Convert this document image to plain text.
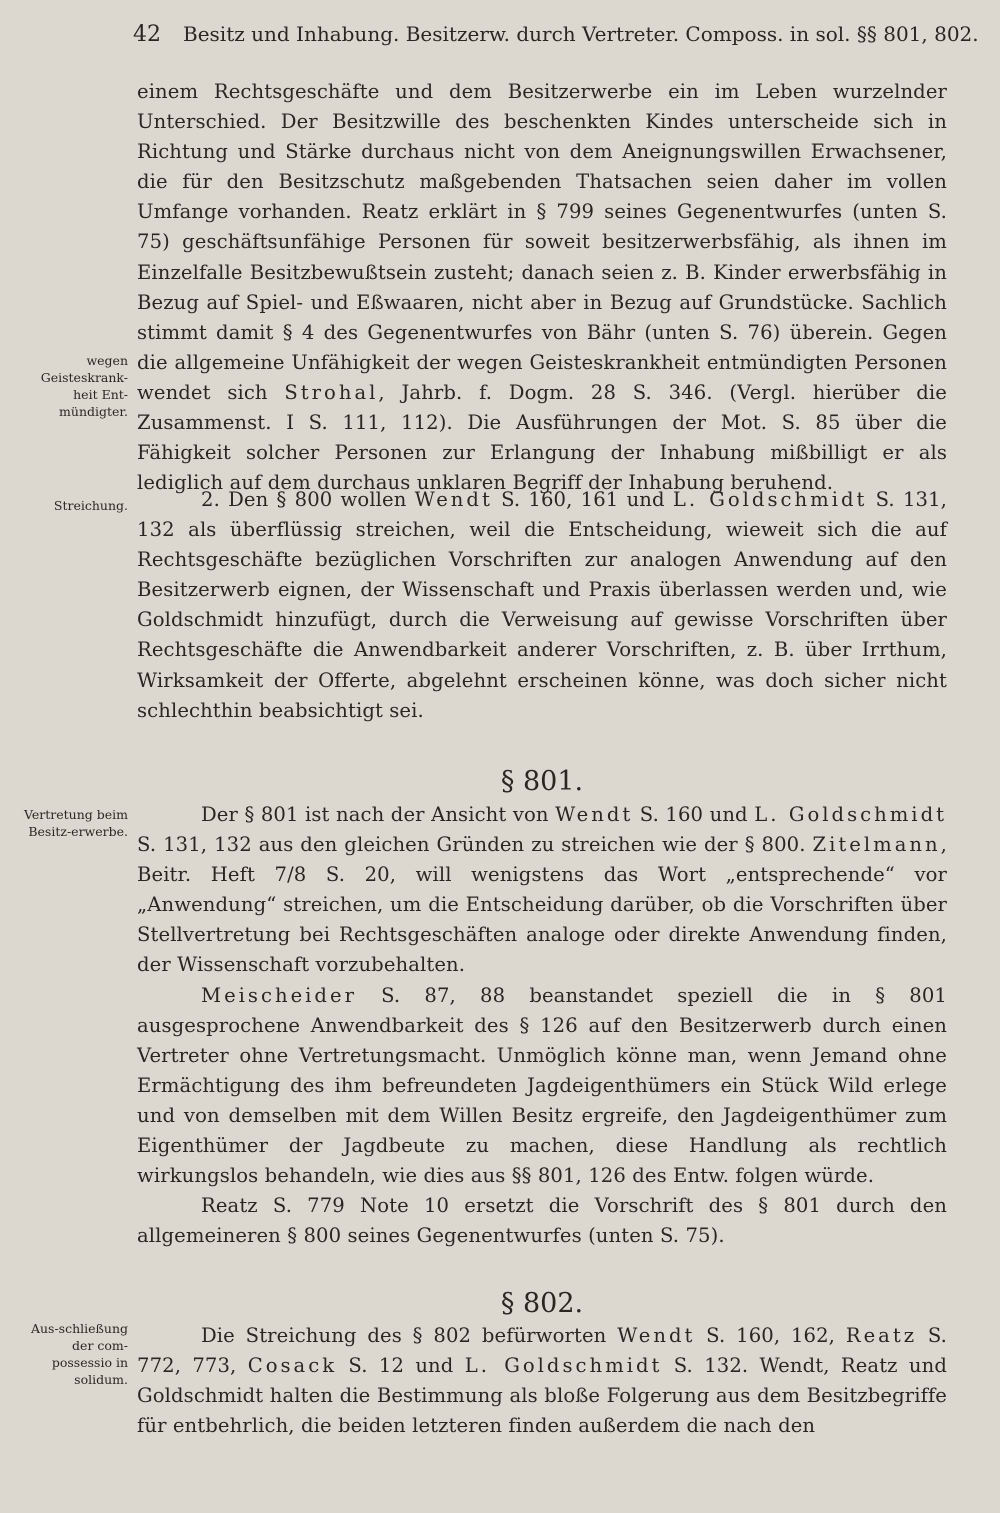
42 Besitz und Inhabung. Besitzerw. durch Vertreter. Composs. in sol. §§ 801, 802.
wegen Geisteskrank-heit Ent-mündigter.
Streichung.
Vertretung beim Besitz-erwerbe.
Aus-schließung der com-possessio in solidum.

einem Rechtsgeschäfte und dem Besitzerwerbe ein im Leben wurzelnder Unterschied. Der Besitzwille des beschenkten Kindes unterscheide sich in Richtung und Stärke durchaus nicht von dem Aneignungswillen Erwachsener, die für den Besitzschutz maßgebenden Thatsachen seien daher im vollen Umfange vorhanden. Reatz erklärt in § 799 seines Gegenentwurfes (unten S. 75) geschäftsunfähige Personen für soweit besitzerwerbsfähig, als ihnen im Einzelfalle Besitzbewußtsein zusteht; danach seien z. B. Kinder erwerbsfähig in Bezug auf Spiel- und Eßwaaren, nicht aber in Bezug auf Grundstücke. Sachlich stimmt damit § 4 des Gegenentwurfes von Bähr (unten S. 76) überein. Gegen die allgemeine Unfähigkeit der wegen Geisteskrankheit entmündigten Personen wendet sich Strohal, Jahrb. f. Dogm. 28 S. 346. (Vergl. hierüber die Zusammenst. I S. 111, 112). Die Ausführungen der Mot. S. 85 über die Fähigkeit solcher Personen zur Erlangung der Inhabung mißbilligt er als lediglich auf dem durchaus unklaren Begriff der Inhabung beruhend.

2. Den § 800 wollen Wendt S. 160, 161 und L. Goldschmidt S. 131, 132 als überflüssig streichen, weil die Entscheidung, wieweit sich die auf Rechtsgeschäfte bezüglichen Vorschriften zur analogen Anwendung auf den Besitzerwerb eignen, der Wissenschaft und Praxis überlassen werden und, wie Goldschmidt hinzufügt, durch die Verweisung auf gewisse Vorschriften über Rechtsgeschäfte die Anwendbarkeit anderer Vorschriften, z. B. über Irrthum, Wirksamkeit der Offerte, abgelehnt erscheinen könne, was doch sicher nicht schlechthin beabsichtigt sei.

§ 801.

Der § 801 ist nach der Ansicht von Wendt S. 160 und L. Goldschmidt S. 131, 132 aus den gleichen Gründen zu streichen wie der § 800. Zitelmann, Beitr. Heft 7/8 S. 20, will wenigstens das Wort „entsprechende“ vor „Anwendung“ streichen, um die Entscheidung darüber, ob die Vorschriften über Stellvertretung bei Rechtsgeschäften analoge oder direkte Anwendung finden, der Wissenschaft vorzubehalten.

Meischeider S. 87, 88 beanstandet speziell die in § 801 ausgesprochene Anwendbarkeit des § 126 auf den Besitzerwerb durch einen Vertreter ohne Vertretungsmacht. Unmöglich könne man, wenn Jemand ohne Ermächtigung des ihm befreundeten Jagdeigenthümers ein Stück Wild erlege und von demselben mit dem Willen Besitz ergreife, den Jagdeigenthümer zum Eigenthümer der Jagdbeute zu machen, diese Handlung als rechtlich wirkungslos behandeln, wie dies aus §§ 801, 126 des Entw. folgen würde.

Reatz S. 779 Note 10 ersetzt die Vorschrift des § 801 durch den allgemeineren § 800 seines Gegenentwurfes (unten S. 75).

§ 802.

Die Streichung des § 802 befürworten Wendt S. 160, 162, Reatz S. 772, 773, Cosack S. 12 und L. Goldschmidt S. 132. Wendt, Reatz und Goldschmidt halten die Bestimmung als bloße Folgerung aus dem Besitzbegriffe für entbehrlich, die beiden letzteren finden außerdem die nach den
